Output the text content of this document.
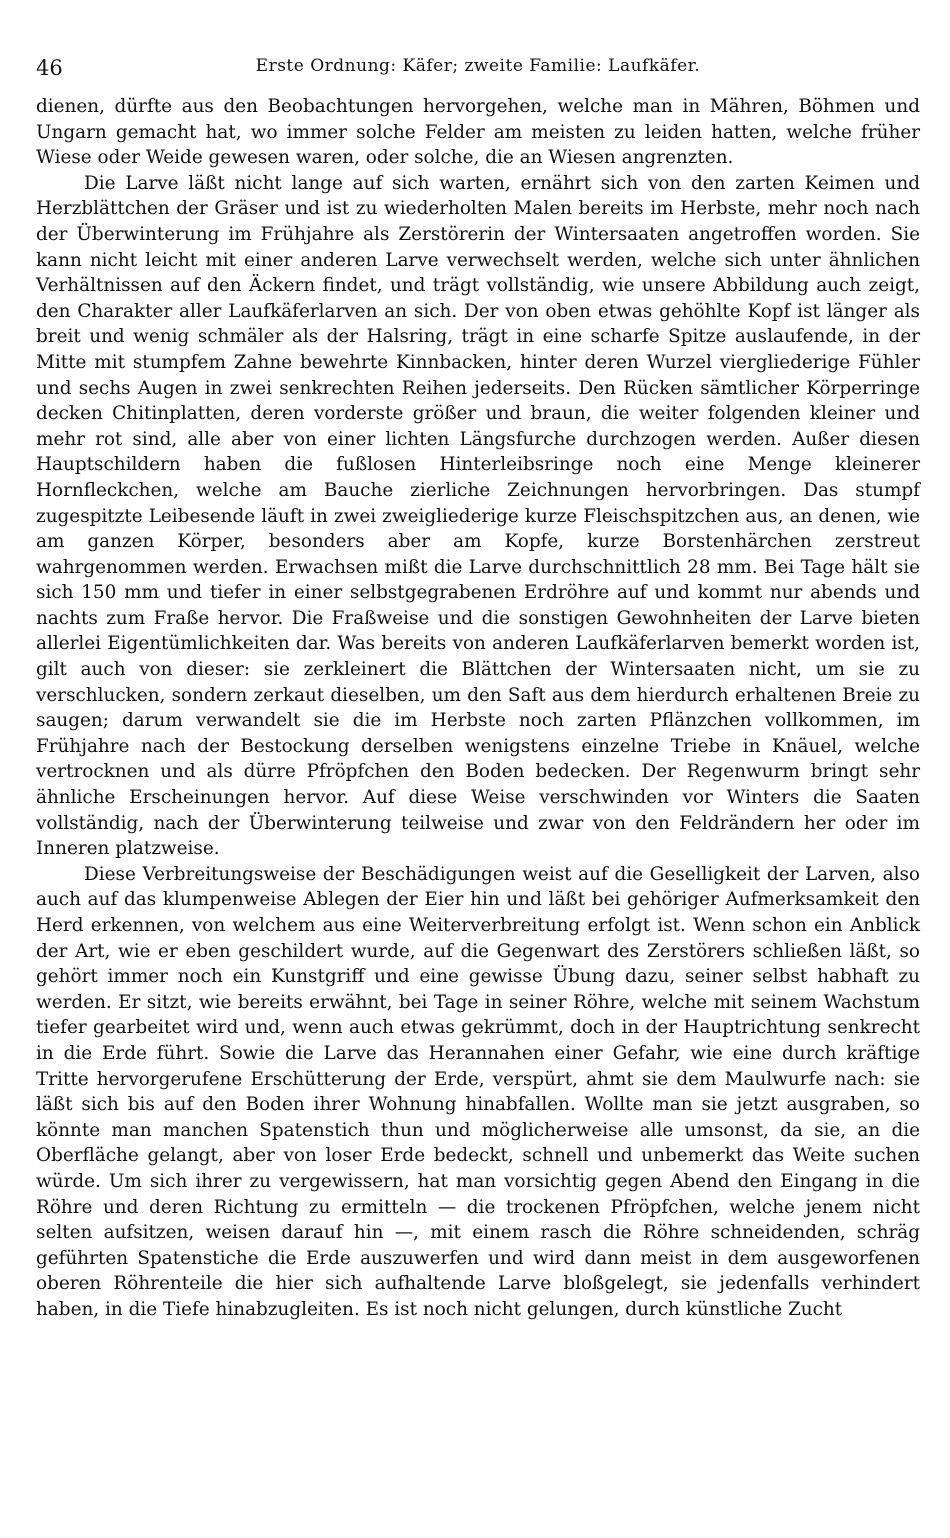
46	Erste Ordnung: Käfer; zweite Familie: Laufkäfer.

dienen, dürfte aus den Beobachtungen hervorgehen, welche man in Mähren, Böhmen und Ungarn gemacht hat, wo immer solche Felder am meisten zu leiden hatten, welche früher Wiese oder Weide gewesen waren, oder solche, die an Wiesen angrenzten.

Die Larve läßt nicht lange auf sich warten, ernährt sich von den zarten Keimen und Herzblättchen der Gräser und ist zu wiederholten Malen bereits im Herbste, mehr noch nach der Überwinterung im Frühjahre als Zerstörerin der Wintersaaten angetroffen worden. Sie kann nicht leicht mit einer anderen Larve verwechselt werden, welche sich unter ähnlichen Verhältnissen auf den Äckern findet, und trägt vollständig, wie unsere Abbildung auch zeigt, den Charakter aller Laufkäferlarven an sich. Der von oben etwas gehöhlte Kopf ist länger als breit und wenig schmäler als der Halsring, trägt in eine scharfe Spitze auslaufende, in der Mitte mit stumpfem Zahne bewehrte Kinnbacken, hinter deren Wurzel viergliederige Fühler und sechs Augen in zwei senkrechten Reihen jederseits. Den Rücken sämtlicher Körperringe decken Chitinplatten, deren vorderste größer und braun, die weiter folgenden kleiner und mehr rot sind, alle aber von einer lichten Längsfurche durchzogen werden. Außer diesen Hauptschildern haben die fußlosen Hinterleibsringe noch eine Menge kleinerer Hornfleckchen, welche am Bauche zierliche Zeichnungen hervorbringen. Das stumpf zugespitzte Leibesende läuft in zwei zweigliederige kurze Fleischspitzchen aus, an denen, wie am ganzen Körper, besonders aber am Kopfe, kurze Borstenhärchen zerstreut wahrgenommen werden. Erwachsen mißt die Larve durchschnittlich 28 mm. Bei Tage hält sie sich 150 mm und tiefer in einer selbstgegrabenen Erdröhre auf und kommt nur abends und nachts zum Fraße hervor. Die Fraßweise und die sonstigen Gewohnheiten der Larve bieten allerlei Eigentümlichkeiten dar. Was bereits von anderen Laufkäferlarven bemerkt worden ist, gilt auch von dieser: sie zerkleinert die Blättchen der Wintersaaten nicht, um sie zu verschlucken, sondern zerkaut dieselben, um den Saft aus dem hierdurch erhaltenen Breie zu saugen; darum verwandelt sie die im Herbste noch zarten Pflänzchen vollkommen, im Frühjahre nach der Bestockung derselben wenigstens einzelne Triebe in Knäuel, welche vertrocknen und als dürre Pfröpfchen den Boden bedecken. Der Regenwurm bringt sehr ähnliche Erscheinungen hervor. Auf diese Weise verschwinden vor Winters die Saaten vollständig, nach der Überwinterung teilweise und zwar von den Feldrändern her oder im Inneren platzweise.

Diese Verbreitungsweise der Beschädigungen weist auf die Geselligkeit der Larven, also auch auf das klumpenweise Ablegen der Eier hin und läßt bei gehöriger Aufmerksamkeit den Herd erkennen, von welchem aus eine Weiterverbreitung erfolgt ist. Wenn schon ein Anblick der Art, wie er eben geschildert wurde, auf die Gegenwart des Zerstörers schließen läßt, so gehört immer noch ein Kunstgriff und eine gewisse Übung dazu, seiner selbst habhaft zu werden. Er sitzt, wie bereits erwähnt, bei Tage in seiner Röhre, welche mit seinem Wachstum tiefer gearbeitet wird und, wenn auch etwas gekrümmt, doch in der Hauptrichtung senkrecht in die Erde führt. Sowie die Larve das Herannahen einer Gefahr, wie eine durch kräftige Tritte hervorgerufene Erschütterung der Erde, verspürt, ahmt sie dem Maulwurfe nach: sie läßt sich bis auf den Boden ihrer Wohnung hinabfallen. Wollte man sie jetzt ausgraben, so könnte man manchen Spatenstich thun und möglicherweise alle umsonst, da sie, an die Oberfläche gelangt, aber von loser Erde bedeckt, schnell und unbemerkt das Weite suchen würde. Um sich ihrer zu vergewissern, hat man vorsichtig gegen Abend den Eingang in die Röhre und deren Richtung zu ermitteln — die trockenen Pfröpfchen, welche jenem nicht selten aufsitzen, weisen darauf hin —, mit einem rasch die Röhre schneidenden, schräg geführten Spatenstiche die Erde auszuwerfen und wird dann meist in dem ausgeworfenen oberen Röhrenteile die hier sich aufhaltende Larve bloßgelegt, sie jedenfalls verhindert haben, in die Tiefe hinabzugleiten. Es ist noch nicht gelungen, durch künstliche Zucht
